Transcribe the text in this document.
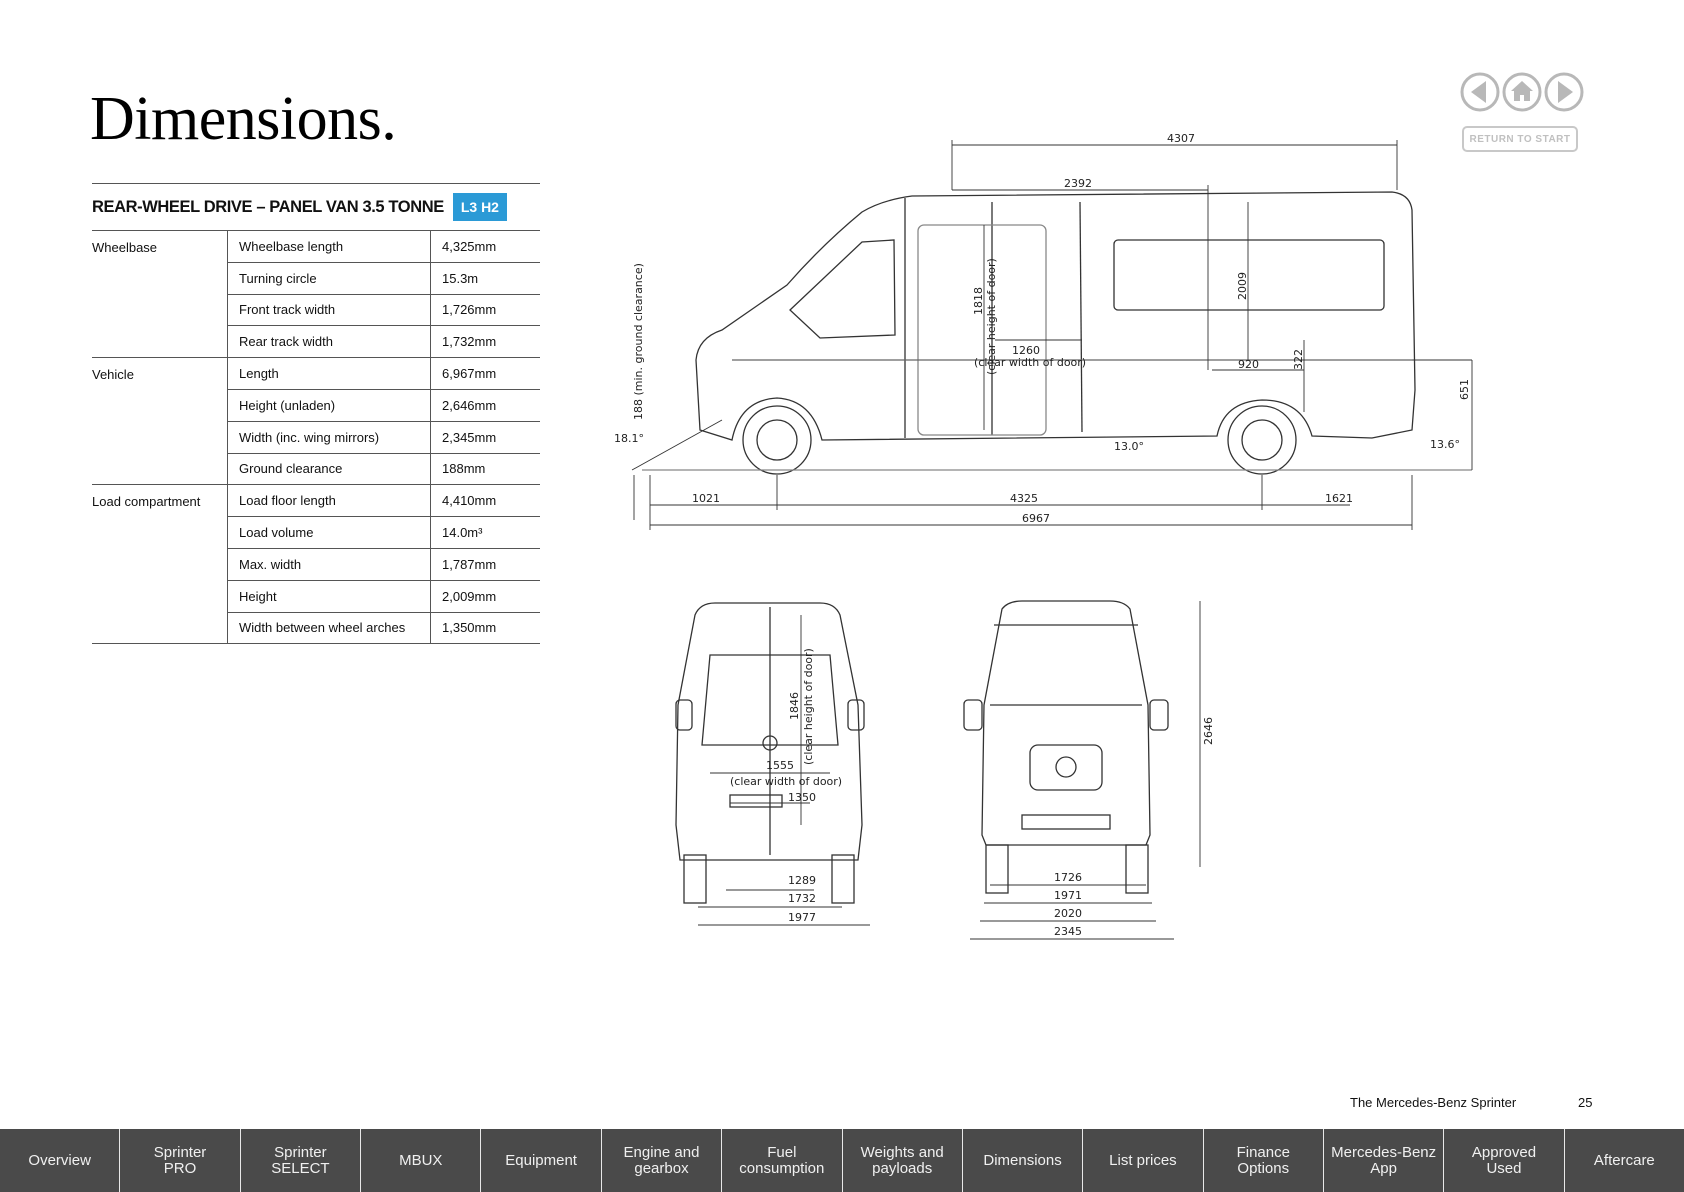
Dimensions.
REAR-WHEEL DRIVE – PANEL VAN 3.5 TONNE	L3 H2
Wheelbase	Wheelbase length	4,325mm
Turning circle	15.3m
Front track width	1,726mm
Rear track width	1,732mm
Vehicle	Length	6,967mm
Height (unladen)	2,646mm
Width (inc. wing mirrors)	2,345mm
Ground clearance	188mm
Load compartment	Load floor length	4,410mm
Load volume	14.0m³
Max. width	1,787mm
Height	2,009mm
Width between wheel arches	1,350mm
RETURN TO START
4307
2392
2009
1818 (clear height of door) 1260
(clear width of door)	920	322
651
188 (min. ground clearance)
18.1°
13.0°	13.6°
1021	4325	1621
6967
1846 (clear height of door)
1555
(clear width of door)
1350
1289
1732
1977
2646
1726
1971
2020
2345
The Mercedes-Benz Sprinter	25
Overview	Sprinter
PRO
Sprinter
SELECT	MBUX	Equipment	Engine and
gearbox
Fuel
consumption
Weights and
payloads	Dimensions	List prices	Finance
Options
Mercedes-Benz
App
Approved
Used	Aftercare
